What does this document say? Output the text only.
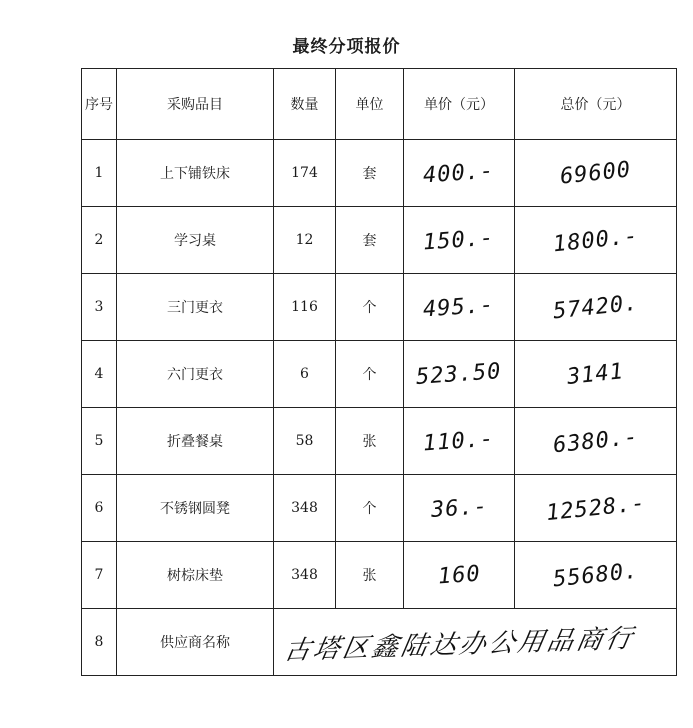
最终分项报价
序号	采购品目	数量	单位	单价（元）	总价（元）
1	上下铺铁床	174	套	400.-	69600
2	学习桌	12	套	150.-	1800.-
3	三门更衣	116	个	495.-	57420.
4	六门更衣	6	个	523.50	3141
5	折叠餐桌	58	张	110.-	6380.-
6	不锈钢圆凳	348	个	36.-	12528.-
7	树棕床垫	348	张	160	55680.
8	供应商名称	古塔区鑫陆达办公用品商行			
